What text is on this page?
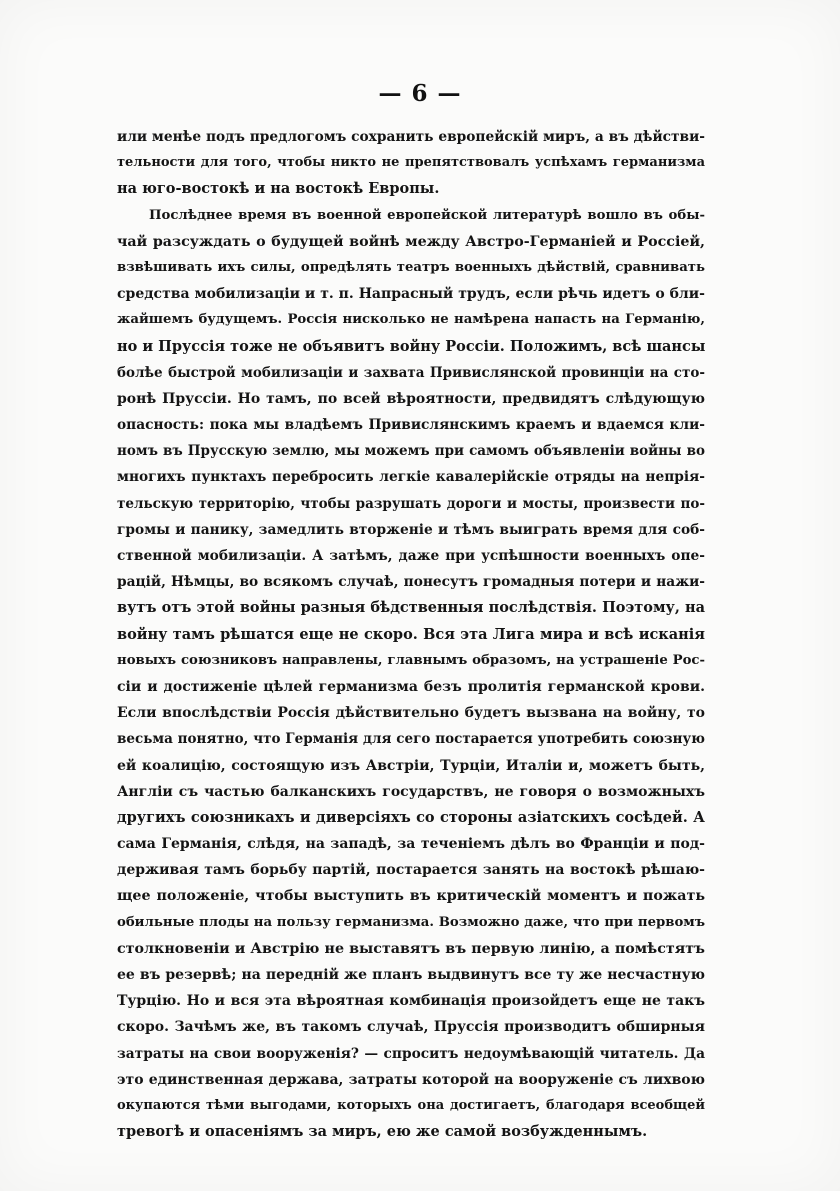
— 6 —
или менѣе подъ предлогомъ сохранить европейскій миръ, а въ дѣйстви-
тельности для того, чтобы никто не препятствовалъ успѣхамъ германизма
на юго-востокѣ и на востокѣ Европы.
Послѣднее время въ военной европейской литературѣ вошло въ обы-
чай разсуждать о будущей войнѣ между Австро-Германіей и Россіей,
взвѣшивать ихъ силы, опредѣлять театръ военныхъ дѣйствій, сравнивать
средства мобилизаціи и т. п. Напрасный трудъ, если рѣчь идетъ о бли-
жайшемъ будущемъ. Россія нисколько не намѣрена напасть на Германію,
но и Пруссія тоже не объявитъ войну Россіи. Положимъ, всѣ шансы
болѣе быстрой мобилизаціи и захвата Привислянской провинціи на сто-
ронѣ Пруссіи. Но тамъ, по всей вѣроятности, предвидятъ слѣдующую
опасность: пока мы владѣемъ Привислянскимъ краемъ и вдаемся кли-
номъ въ Прусскую землю, мы можемъ при самомъ объявленіи войны во
многихъ пунктахъ перебросить легкіе кавалерійскіе отряды на непрія-
тельскую территорію, чтобы разрушать дороги и мосты, произвести по-
громы и панику, замедлить вторженіе и тѣмъ выиграть время для соб-
ственной мобилизаціи. А затѣмъ, даже при успѣшности военныхъ опе-
рацій, Нѣмцы, во всякомъ случаѣ, понесутъ громадныя потери и нажи-
вутъ отъ этой войны разныя бѣдственныя послѣдствія. Поэтому, на
войну тамъ рѣшатся еще не скоро. Вся эта Лига мира и всѣ исканія
новыхъ союзниковъ направлены, главнымъ образомъ, на устрашеніе Рос-
сіи и достиженіе цѣлей германизма безъ пролитія германской крови.
Если впослѣдствіи Россія дѣйствительно будетъ вызвана на войну, то
весьма понятно, что Германія для сего постарается употребить союзную
ей коалицію, состоящую изъ Австріи, Турціи, Италіи и, можетъ быть,
Англіи съ частью балканскихъ государствъ, не говоря о возможныхъ
другихъ союзникахъ и диверсіяхъ со стороны азіатскихъ сосѣдей. А
сама Германія, слѣдя, на западѣ, за теченіемъ дѣлъ во Франціи и под-
держивая тамъ борьбу партій, постарается занять на востокѣ рѣшаю-
щее положеніе, чтобы выступить въ критическій моментъ и пожать
обильные плоды на пользу германизма. Возможно даже, что при первомъ
столкновеніи и Австрію не выставятъ въ первую линію, а помѣстятъ
ее въ резервѣ; на передній же планъ выдвинутъ все ту же несчастную
Турцію. Но и вся эта вѣроятная комбинація произойдетъ еще не такъ
скоро. Зачѣмъ же, въ такомъ случаѣ, Пруссія производитъ обширныя
затраты на свои вооруженія? — спроситъ недоумѣвающій читатель. Да
это единственная держава, затраты которой на вооруженіе съ лихвою
окупаются тѣми выгодами, которыхъ она достигаетъ, благодаря всеобщей
тревогѣ и опасеніямъ за миръ, ею же самой возбужденнымъ.
